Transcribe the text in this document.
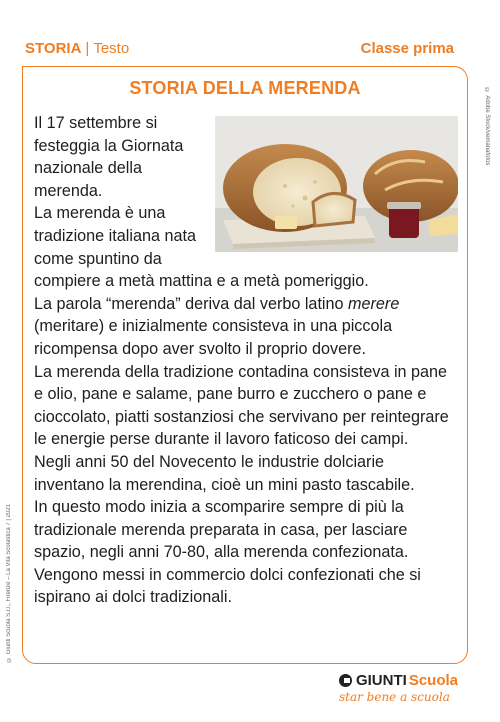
STORIA | Testo	Classe prima
STORIA DELLA MERENDA	© Adobe Stock/vemanafotos
© Giunti Scuola S.r.l., Firenze – La Vita Scolastica 7 | 2021

Il 17 settembre si festeggia la Giornata nazionale della merenda.

La merenda è una tradizione italiana nata come spuntino da compiere a metà mattina e a metà pomeriggio.

La parola “merenda” deriva dal verbo latino merere (meritare) e inizialmente consisteva in una piccola ricompensa dopo aver svolto il proprio dovere.

La merenda della tradizione contadina consisteva in pane e olio, pane e salame, pane burro e zucchero o pane e cioccolato, piatti sostanziosi che servivano per reintegrare le energie perse durante il lavoro faticoso dei campi.

Negli anni 50 del Novecento le industrie dolciarie inventano la merendina, cioè un mini pasto tascabile.

In questo modo inizia a scomparire sempre di più la tradizionale merenda preparata in casa, per lasciare spazio, negli anni 70-80, alla merenda confezionata.

Vengono messi in commercio dolci confezionati che si ispirano ai dolci tradizionali.

GIUNTI Scuola
star bene a scuola
